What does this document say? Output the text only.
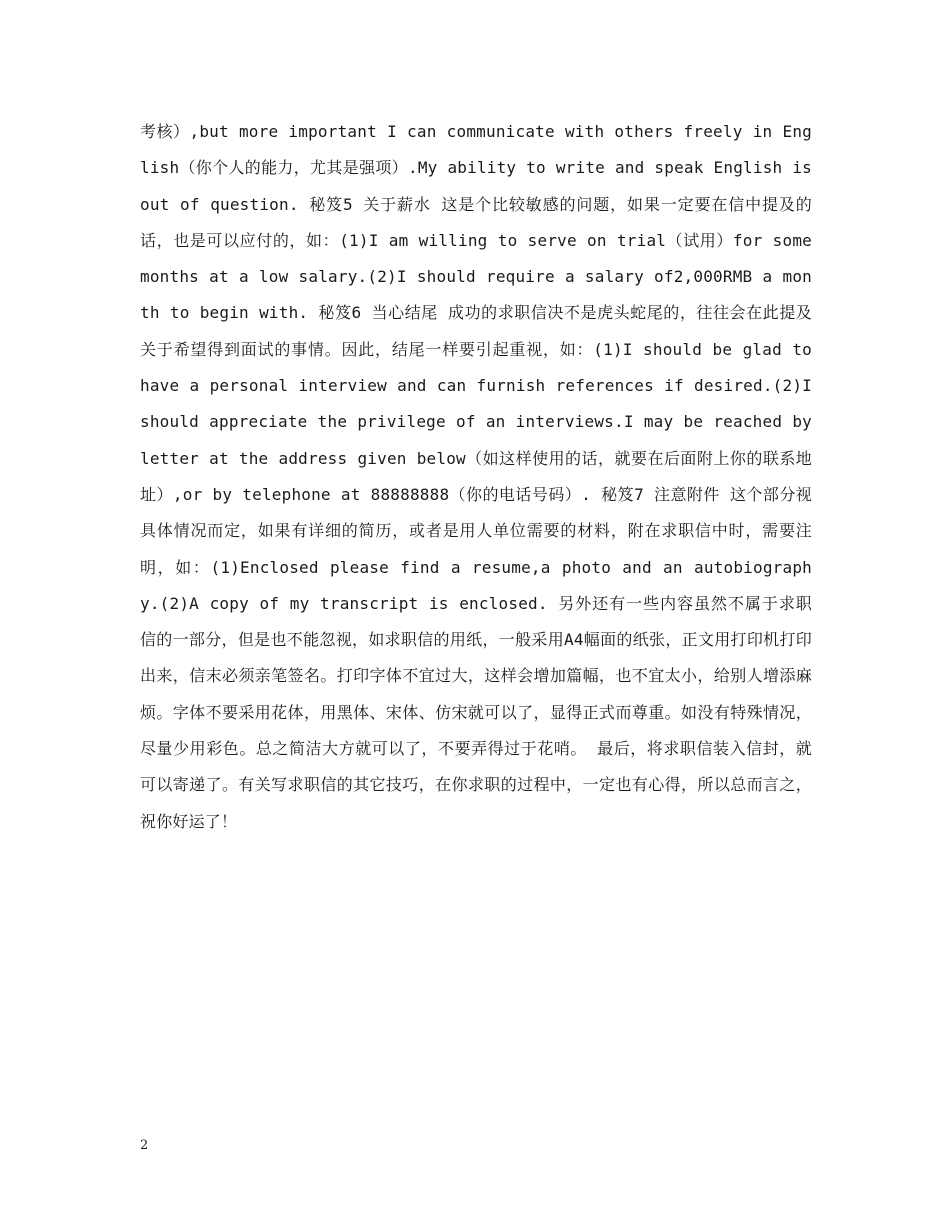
考核）,but more important I can communicate with others freely in English（你个人的能力，尤其是强项）.My ability to write and speak English is out of question. 秘笈5 关于薪水 这是个比较敏感的问题，如果一定要在信中提及的话，也是可以应付的，如：(1)I am willing to serve on trial（试用）for some months at a low salary.(2)I should require a salary of2,000RMB a month to begin with. 秘笈6 当心结尾 成功的求职信决不是虎头蛇尾的，往往会在此提及关于希望得到面试的事情。因此，结尾一样要引起重视，如：(1)I should be glad to have a personal interview and can furnish references if desired.(2)I should appreciate the privilege of an interviews.I may be reached by letter at the address given below（如这样使用的话，就要在后面附上你的联系地址）,or by telephone at 88888888（你的电话号码）. 秘笈7 注意附件 这个部分视具体情况而定，如果有详细的简历，或者是用人单位需要的材料，附在求职信中时，需要注明，如：(1)Enclosed please find a resume,a photo and an autobiography.(2)A copy of my transcript is enclosed. 另外还有一些内容虽然不属于求职信的一部分，但是也不能忽视，如求职信的用纸，一般采用A4幅面的纸张，正文用打印机打印出来，信末必须亲笔签名。打印字体不宜过大，这样会增加篇幅，也不宜太小，给别人增添麻烦。字体不要采用花体，用黑体、宋体、仿宋就可以了，显得正式而尊重。如没有特殊情况，尽量少用彩色。总之简洁大方就可以了，不要弄得过于花哨。 最后，将求职信装入信封，就可以寄递了。有关写求职信的其它技巧，在你求职的过程中，一定也有心得，所以总而言之，祝你好运了！

2
